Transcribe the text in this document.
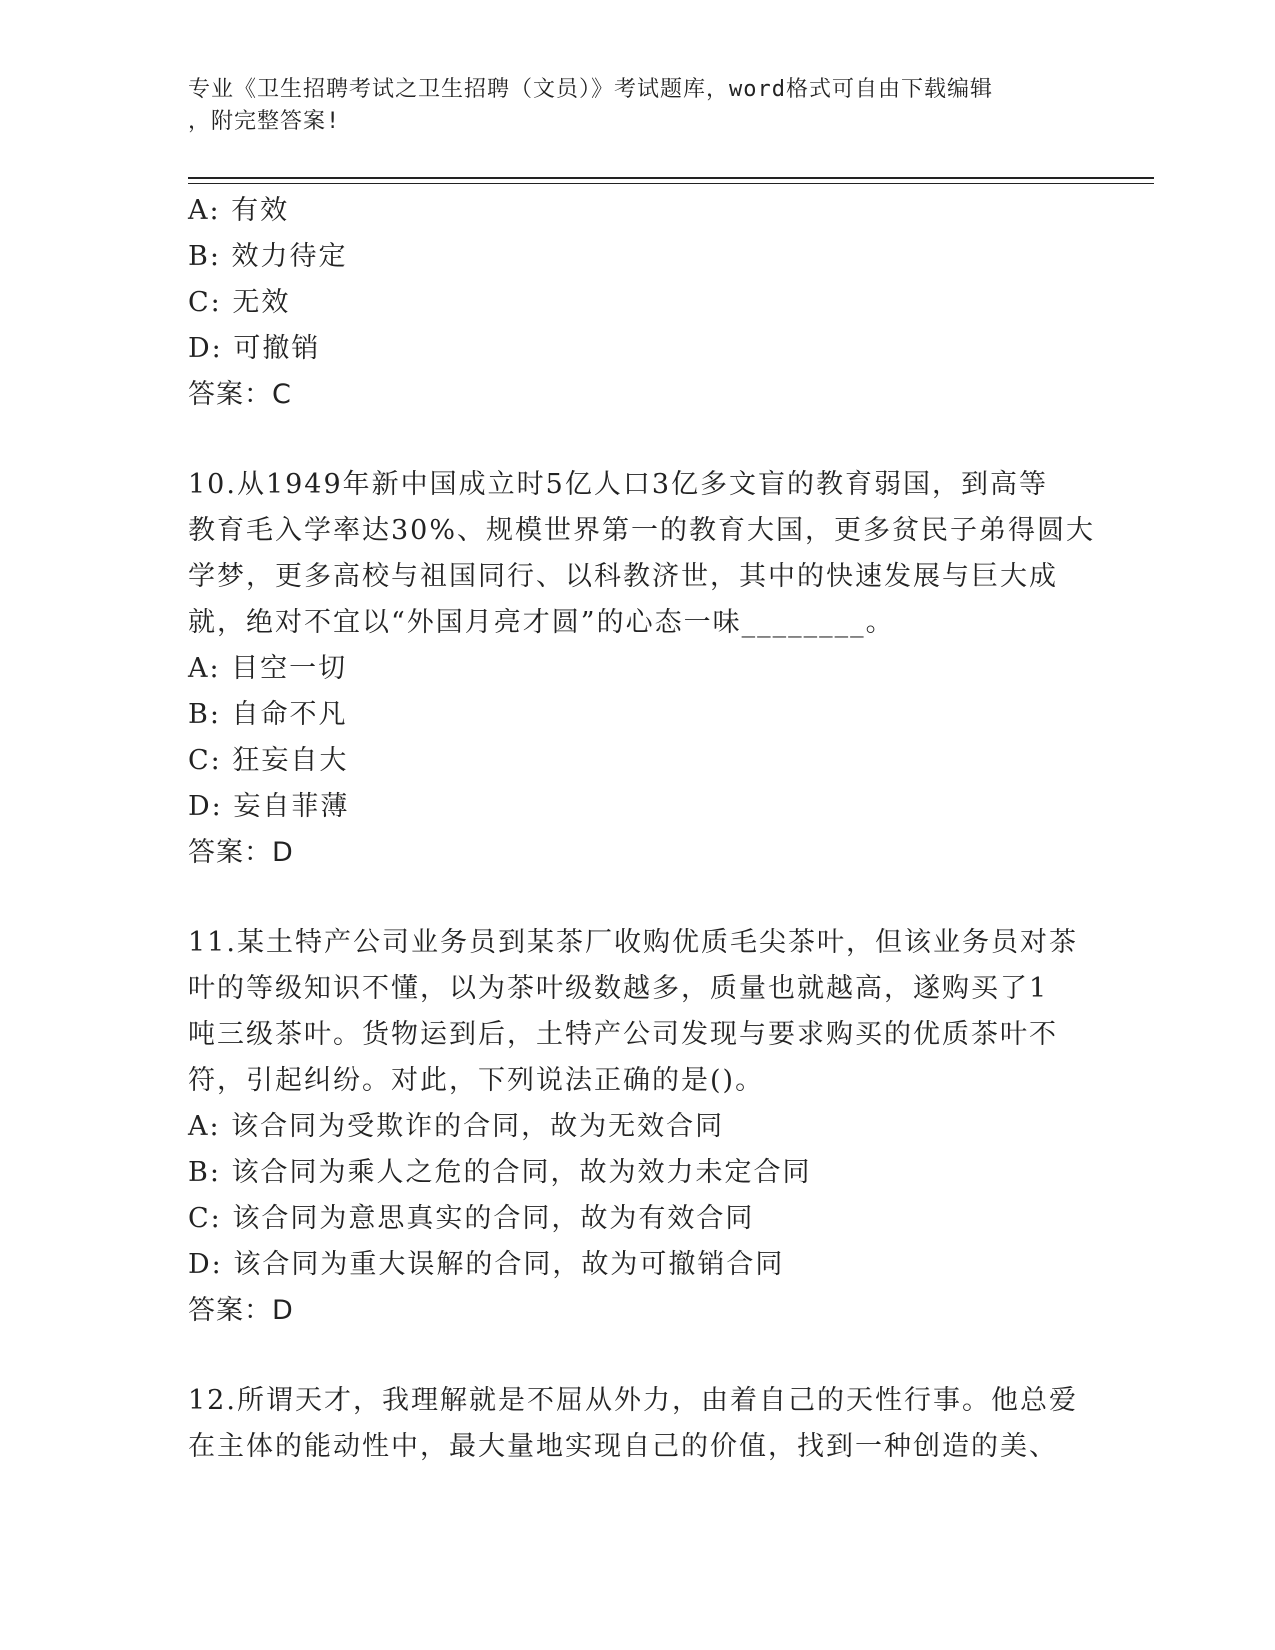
专业《卫生招聘考试之卫生招聘（文员）》考试题库，word格式可自由下载编辑
，附完整答案!
A: 有效
B: 效力待定
C: 无效
D: 可撤销
答案：C
10.从1949年新中国成立时5亿人口3亿多文盲的教育弱国，到高等
教育毛入学率达30%、规模世界第一的教育大国，更多贫民子弟得圆大
学梦，更多高校与祖国同行、以科教济世，其中的快速发展与巨大成
就，绝对不宜以“外国月亮才圆”的心态一味________。
A: 目空一切
B: 自命不凡
C: 狂妄自大
D: 妄自菲薄
答案：D
11.某土特产公司业务员到某茶厂收购优质毛尖茶叶，但该业务员对茶
叶的等级知识不懂，以为茶叶级数越多，质量也就越高，遂购买了1
吨三级茶叶。货物运到后，土特产公司发现与要求购买的优质茶叶不
符，引起纠纷。对此，下列说法正确的是()。
A: 该合同为受欺诈的合同，故为无效合同
B: 该合同为乘人之危的合同，故为效力未定合同
C: 该合同为意思真实的合同，故为有效合同
D: 该合同为重大误解的合同，故为可撤销合同
答案：D
12.所谓天才，我理解就是不屈从外力，由着自己的天性行事。他总爱
在主体的能动性中，最大量地实现自己的价值，找到一种创造的美、
